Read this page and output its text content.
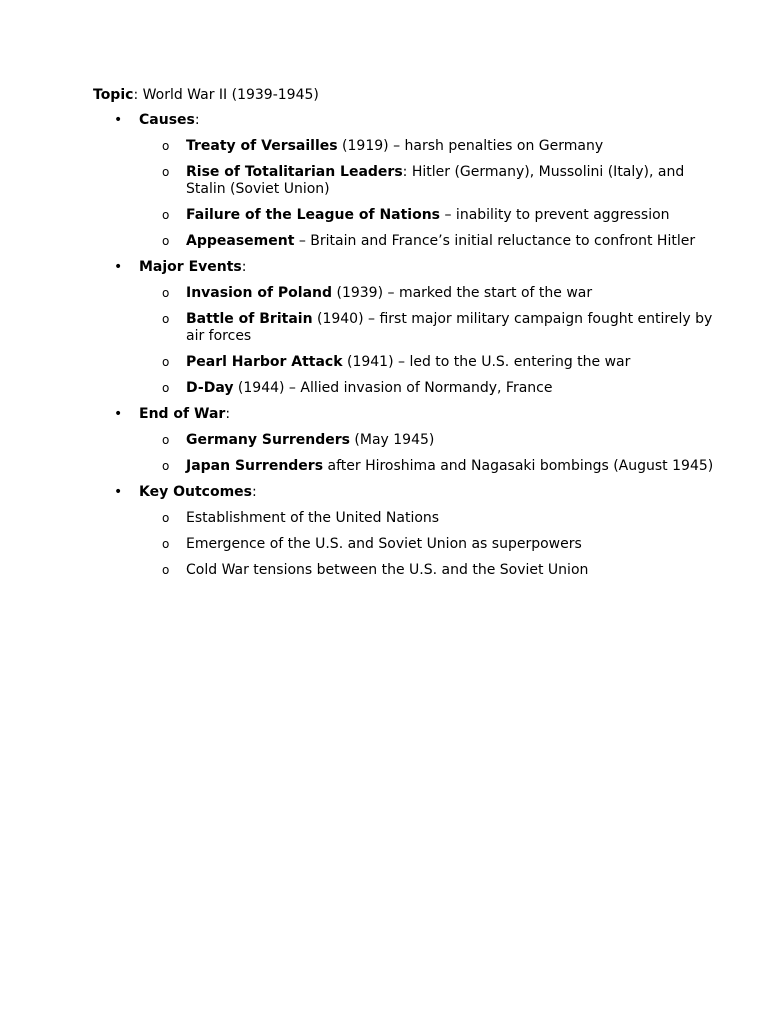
Topic: World War II (1939-1945)
• Causes:
o Treaty of Versailles (1919) – harsh penalties on Germany
o Rise of Totalitarian Leaders: Hitler (Germany), Mussolini (Italy), and Stalin (Soviet Union)
o Failure of the League of Nations – inability to prevent aggression
o Appeasement – Britain and France’s initial reluctance to confront Hitler
• Major Events:
o Invasion of Poland (1939) – marked the start of the war
o Battle of Britain (1940) – first major military campaign fought entirely by air forces
o Pearl Harbor Attack (1941) – led to the U.S. entering the war
o D-Day (1944) – Allied invasion of Normandy, France
• End of War:
o Germany Surrenders (May 1945)
o Japan Surrenders after Hiroshima and Nagasaki bombings (August 1945)
• Key Outcomes:
o Establishment of the United Nations
o Emergence of the U.S. and Soviet Union as superpowers
o Cold War tensions between the U.S. and the Soviet Union
